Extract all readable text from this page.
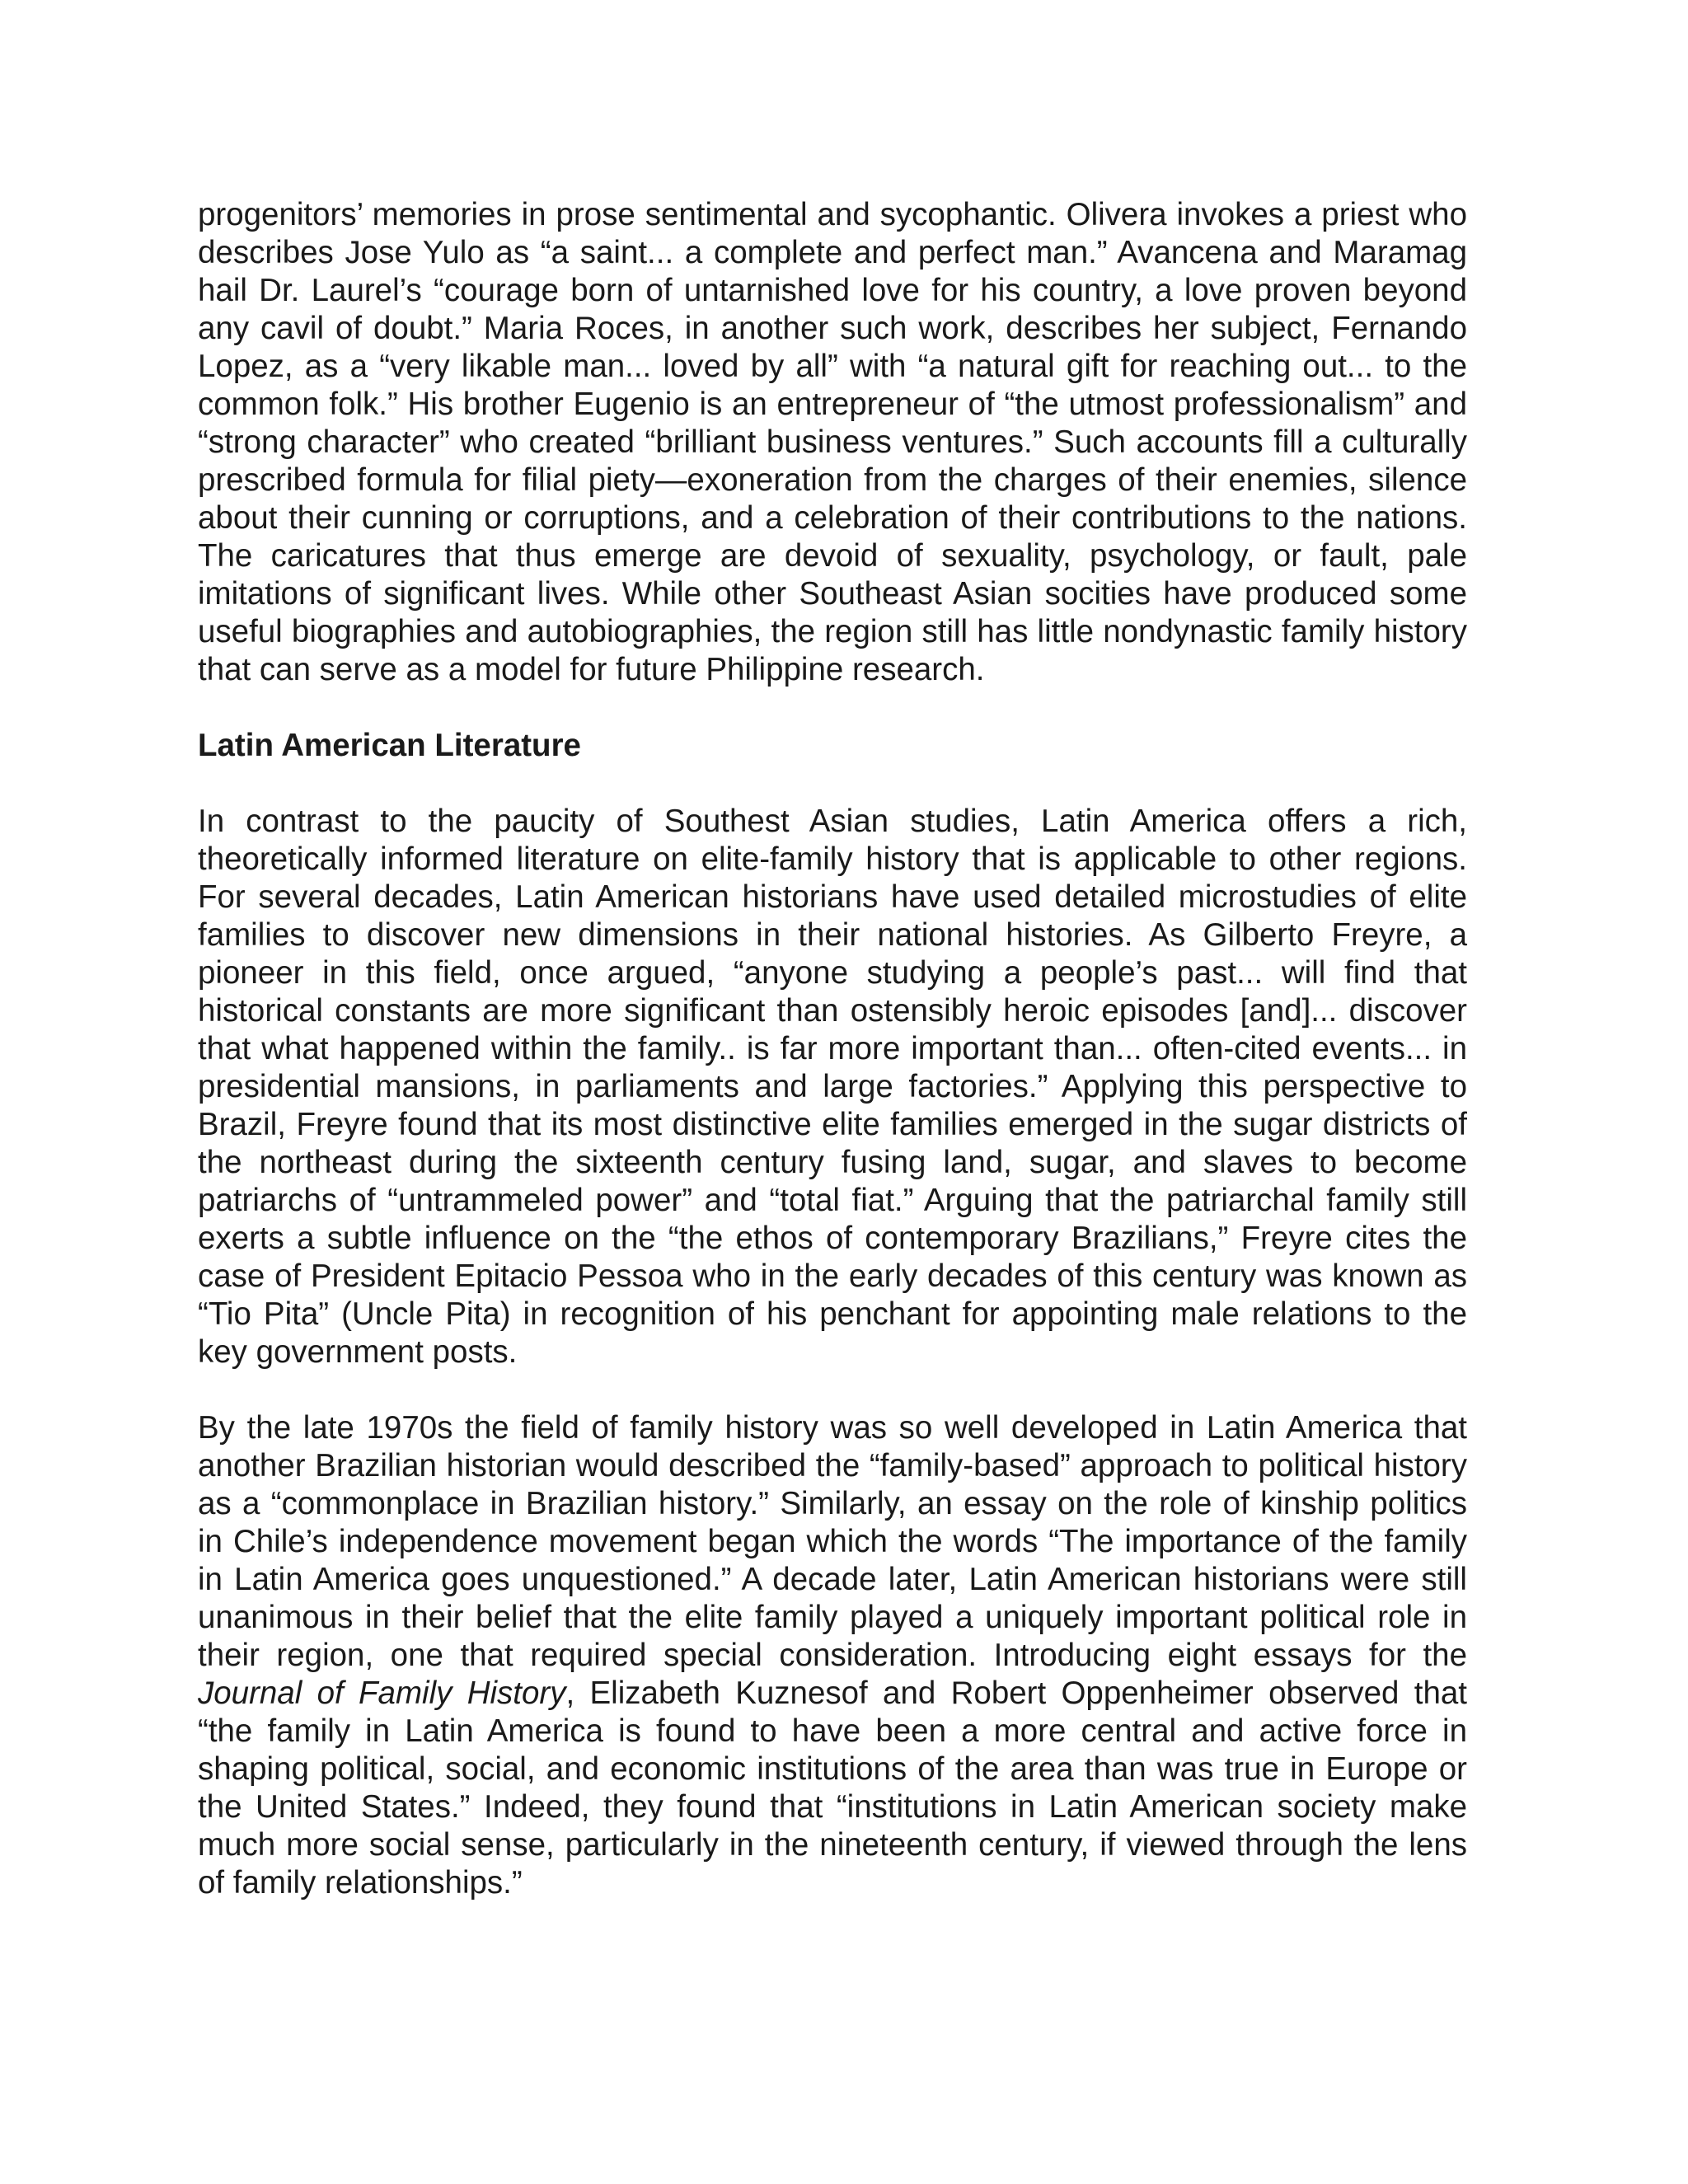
progenitors’ memories in prose sentimental and sycophantic. Olivera invokes a priest who describes Jose Yulo as “a saint... a complete and perfect man.” Avancena and Maramag hail Dr. Laurel’s “courage born of untarnished love for his country, a love proven beyond any cavil of doubt.” Maria Roces, in another such work, describes her subject, Fernando Lopez, as a “very likable man... loved by all” with “a natural gift for reaching out... to the common folk.” His brother Eugenio is an entrepreneur of “the utmost professionalism” and “strong character” who created “brilliant business ventures.” Such accounts fill a culturally prescribed formula for filial piety—exoneration from the charges of their enemies, silence about their cunning or corruptions, and a celebration of their contributions to the nations. The caricatures that thus emerge are devoid of sexuality, psychology, or fault, pale imitations of significant lives. While other Southeast Asian socities have produced some useful biographies and autobiographies, the region still has little nondynastic family history that can serve as a model for future Philippine research.

Latin American Literature

In contrast to the paucity of Southest Asian studies, Latin America offers a rich, theoretically informed literature on elite-family history that is applicable to other regions. For several decades, Latin American historians have used detailed microstudies of elite families to discover new dimensions in their national histories. As Gilberto Freyre, a pioneer in this field, once argued, “anyone studying a people’s past... will find that historical constants are more significant than ostensibly heroic episodes [and]... discover that what happened within the family.. is far more important than... often-cited events... in presidential mansions, in parliaments and large factories.” Applying this perspective to Brazil, Freyre found that its most distinctive elite families emerged in the sugar districts of the northeast during the sixteenth century fusing land, sugar, and slaves to become patriarchs of “untrammeled power” and “total fiat.” Arguing that the patriarchal family still exerts a subtle influence on the “the ethos of contemporary Brazilians,” Freyre cites the case of President Epitacio Pessoa who in the early decades of this century was known as “Tio Pita” (Uncle Pita) in recognition of his penchant for appointing male relations to the key government posts.

By the late 1970s the field of family history was so well developed in Latin America that another Brazilian historian would described the “family-based” approach to political history as a “commonplace in Brazilian history.” Similarly, an essay on the role of kinship politics in Chile’s independence movement began which the words “The importance of the family in Latin America goes unquestioned.” A decade later, Latin American historians were still unanimous in their belief that the elite family played a uniquely important political role in their region, one that required special consideration. Introducing eight essays for the Journal of Family History, Elizabeth Kuznesof and Robert Oppenheimer observed that “the family in Latin America is found to have been a more central and active force in shaping political, social, and economic institutions of the area than was true in Europe or the United States.” Indeed, they found that “institutions in Latin American society make much more social sense, particularly in the nineteenth century, if viewed through the lens of family relationships.”
